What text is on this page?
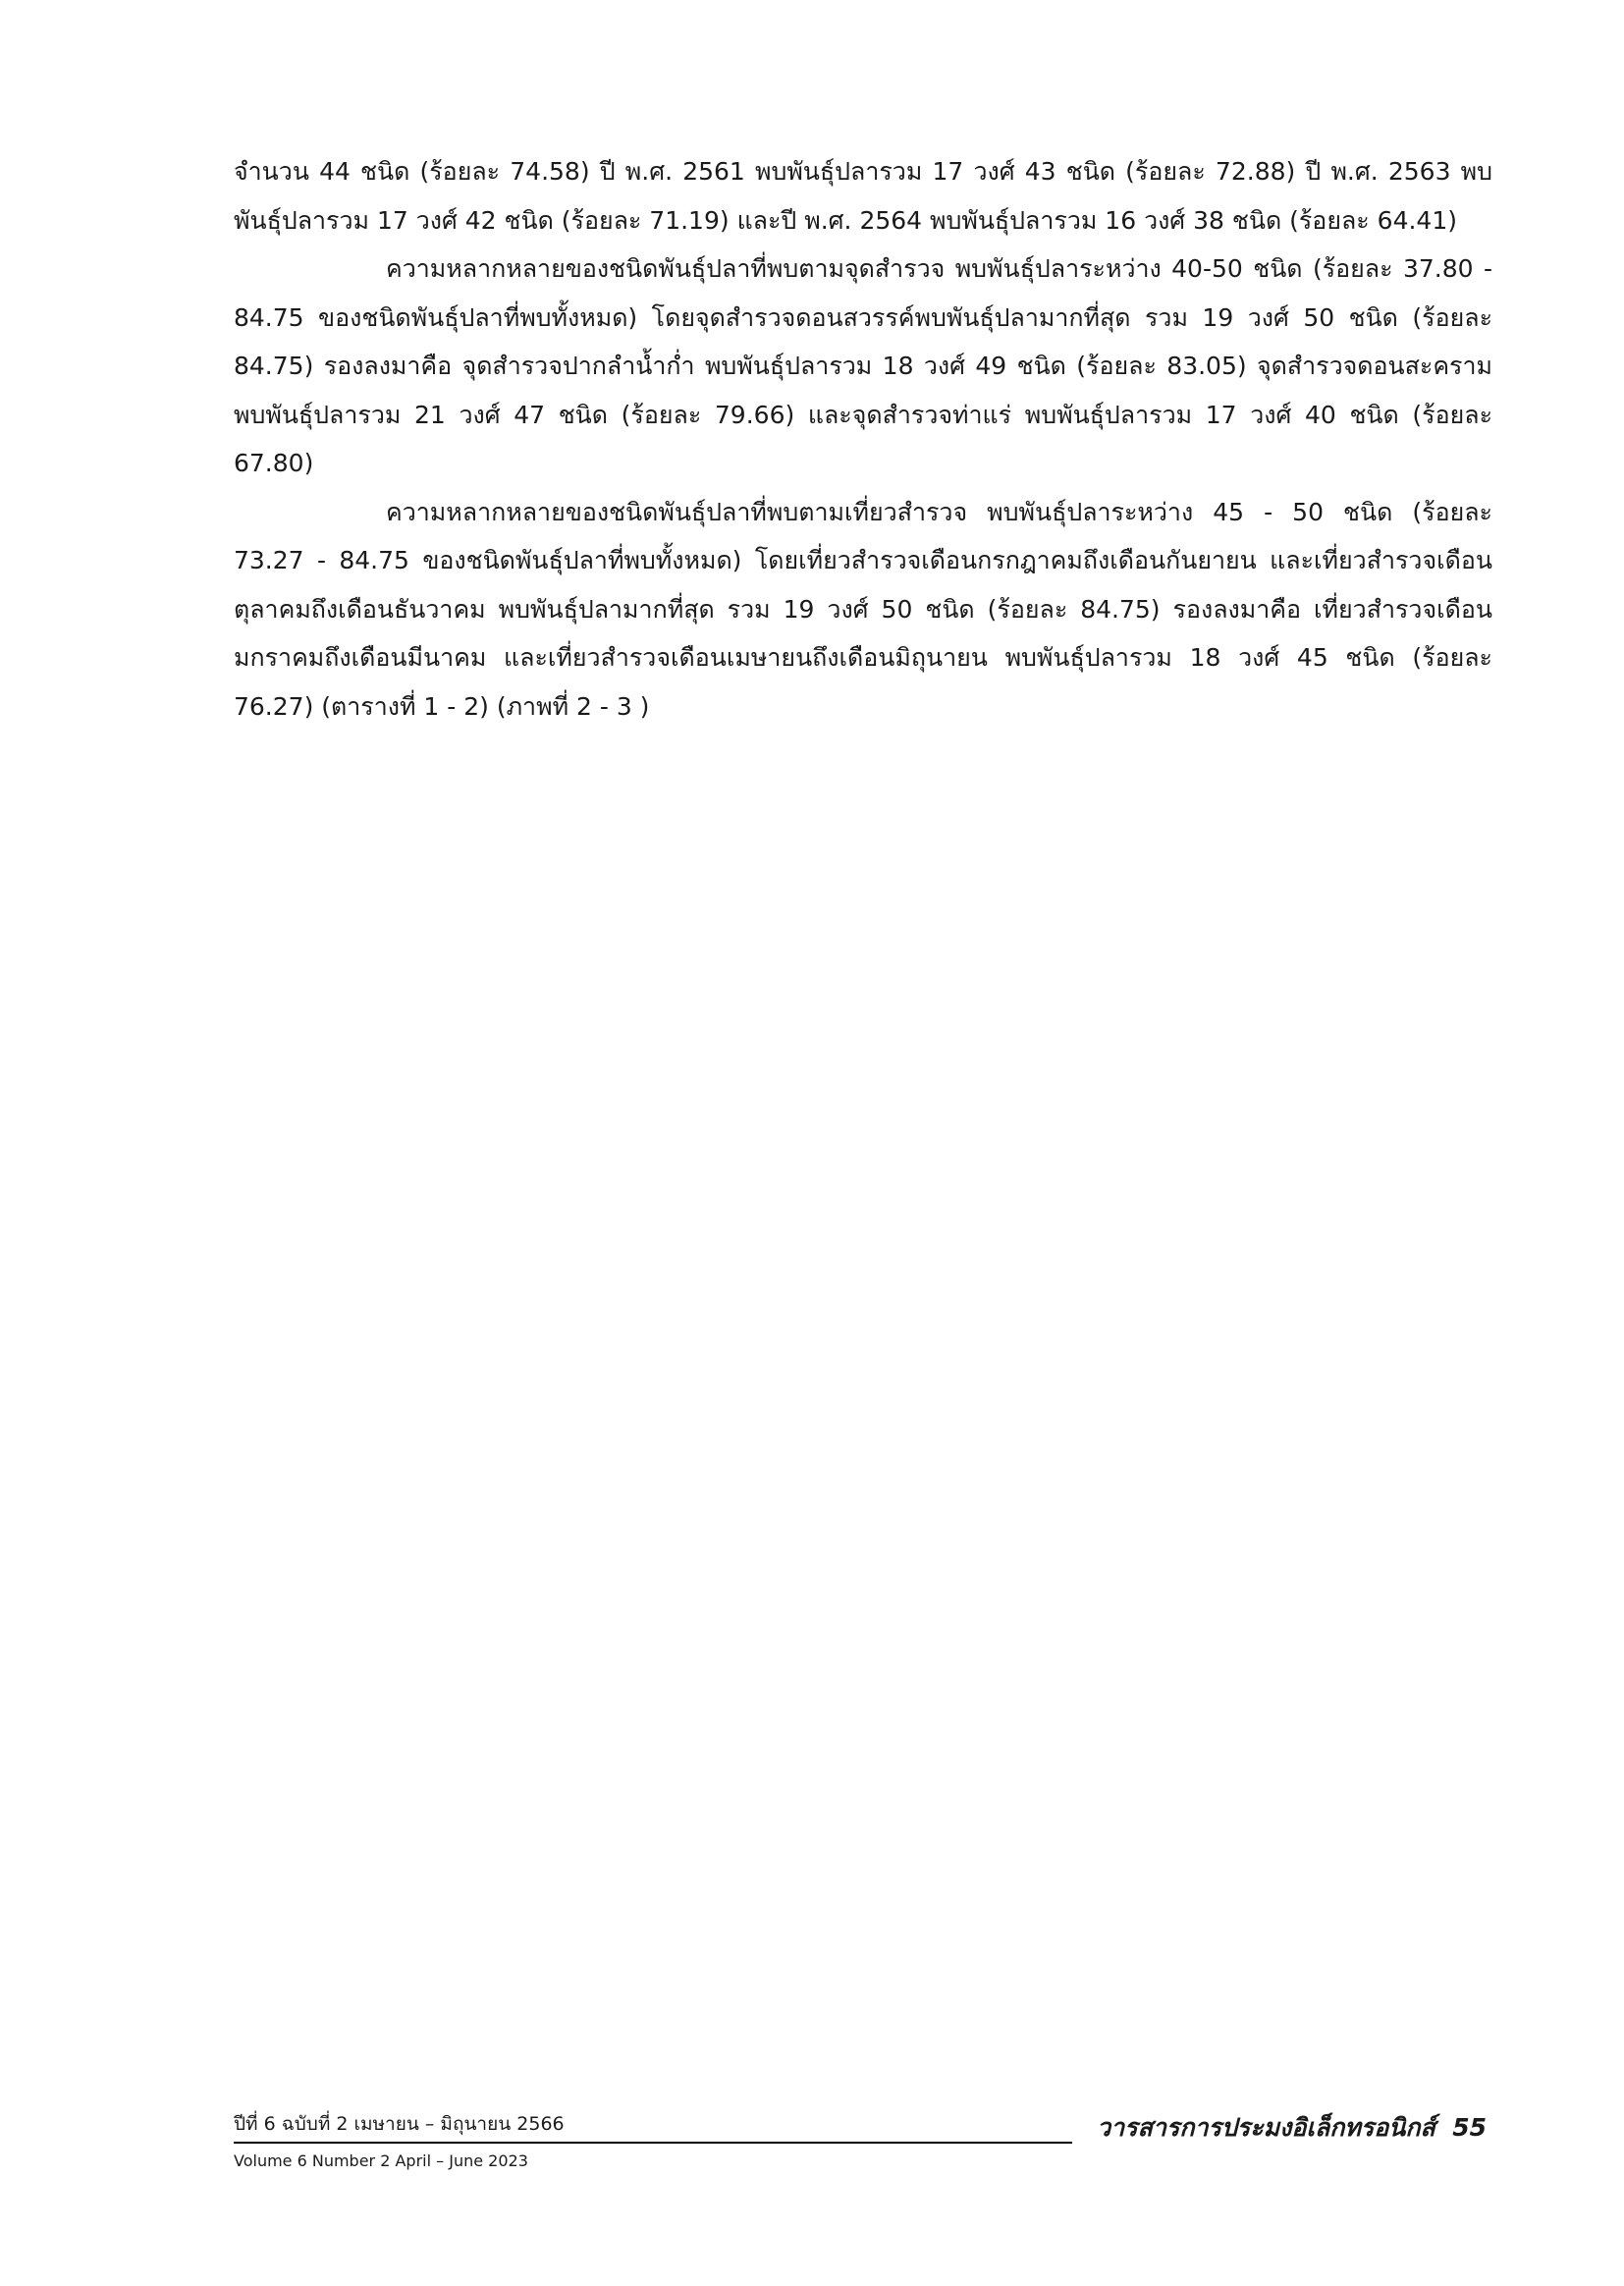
จำนวน 44 ชนิด (ร้อยละ 74.58) ปี พ.ศ. 2561 พบพันธุ์ปลารวม 17 วงศ์ 43 ชนิด (ร้อยละ 72.88) ปี พ.ศ. 2563 พบพันธุ์ปลารวม 17 วงศ์ 42 ชนิด (ร้อยละ 71.19) และปี พ.ศ. 2564 พบพันธุ์ปลารวม 16 วงศ์ 38 ชนิด (ร้อยละ 64.41)

ความหลากหลายของชนิดพันธุ์ปลาที่พบตามจุดสำรวจ พบพันธุ์ปลาระหว่าง 40-50 ชนิด (ร้อยละ 37.80 - 84.75 ของชนิดพันธุ์ปลาที่พบทั้งหมด) โดยจุดสำรวจดอนสวรรค์พบพันธุ์ปลามากที่สุด รวม 19 วงศ์ 50 ชนิด (ร้อยละ 84.75) รองลงมาคือ จุดสำรวจปากลำน้ำก่ำ พบพันธุ์ปลารวม 18 วงศ์ 49 ชนิด (ร้อยละ 83.05) จุดสำรวจดอนสะคราม พบพันธุ์ปลารวม 21 วงศ์ 47 ชนิด (ร้อยละ 79.66) และจุดสำรวจท่าแร่ พบพันธุ์ปลารวม 17 วงศ์ 40 ชนิด (ร้อยละ 67.80)

ความหลากหลายของชนิดพันธุ์ปลาที่พบตามเที่ยวสำรวจ พบพันธุ์ปลาระหว่าง 45 - 50 ชนิด (ร้อยละ 73.27 - 84.75 ของชนิดพันธุ์ปลาที่พบทั้งหมด) โดยเที่ยวสำรวจเดือนกรกฎาคมถึงเดือนกันยายน และเที่ยวสำรวจเดือนตุลาคมถึงเดือนธันวาคม พบพันธุ์ปลามากที่สุด รวม 19 วงศ์ 50 ชนิด (ร้อยละ 84.75) รองลงมาคือ เที่ยวสำรวจเดือนมกราคมถึงเดือนมีนาคม และเที่ยวสำรวจเดือนเมษายนถึงเดือนมิถุนายน พบพันธุ์ปลารวม 18 วงศ์ 45 ชนิด (ร้อยละ 76.27) (ตารางที่ 1 - 2) (ภาพที่ 2 - 3 )

ปีที่ 6 ฉบับที่ 2 เมษายน – มิถุนายน 2566	วารสารการประมงอิเล็กทรอนิกส์ 55
Volume 6 Number 2 April – June 2023
